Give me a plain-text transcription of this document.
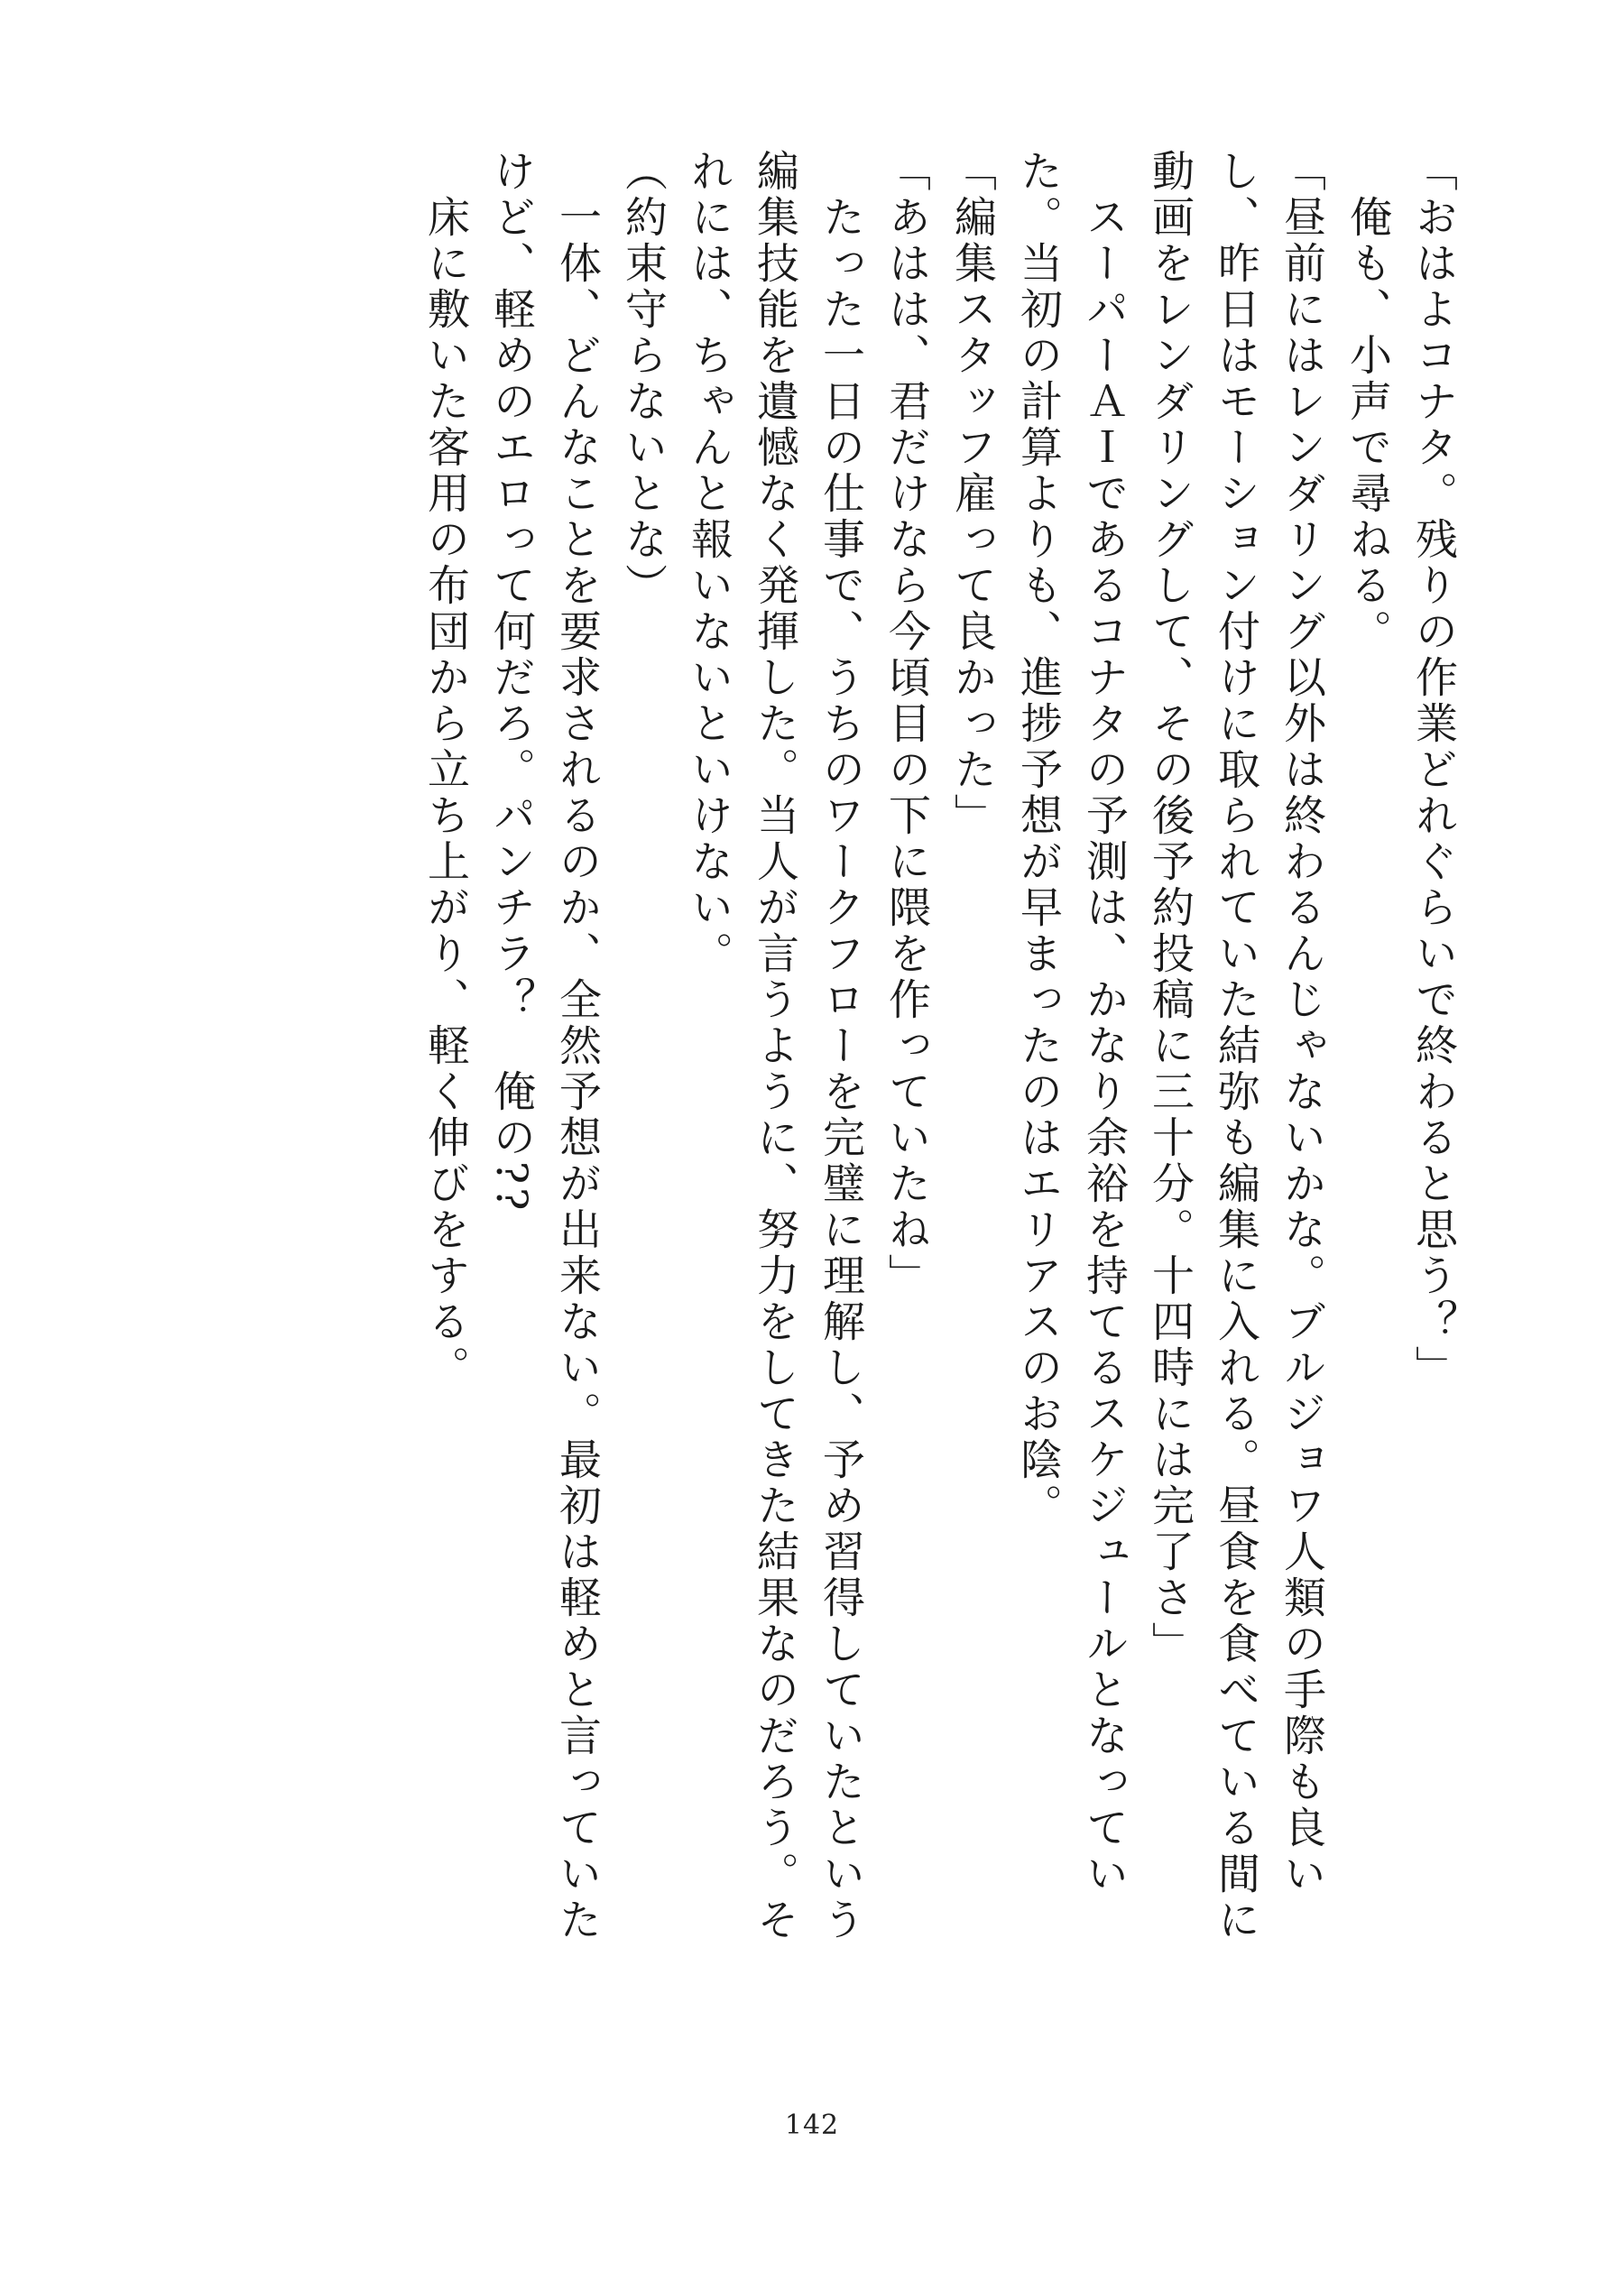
「おはよコナタ。残りの作業どれぐらいで終わると思う？」

　俺も、小声で尋ねる。

「昼前にはレンダリング以外は終わるんじゃないかな。ブルジョワ人類の手際も良いし、昨日はモーション付けに取られていた結弥も編集に入れる。昼食を食べている間に動画をレンダリングして、その後予約投稿に三十分。十四時には完了さ」

　スーパーＡＩであるコナタの予測は、かなり余裕を持てるスケジュールとなっていた。当初の計算よりも、進捗予想が早まったのはエリアスのお陰。

「編集スタッフ雇って良かった」

「あはは、君だけなら今頃目の下に隈を作っていたね」

　たった一日の仕事で、うちのワークフローを完璧に理解し、予め習得していたという編集技能を遺憾なく発揮した。当人が言うように、努力をしてきた結果なのだろう。それには、ちゃんと報いないといけない。

（約束守らないとな）

　一体、どんなことを要求されるのか、全然予想が出来ない。最初は軽めと言っていたけど、軽めのエロって何だろ。パンチラ？　俺の??

　床に敷いた客用の布団から立ち上がり、軽く伸びをする。

142
